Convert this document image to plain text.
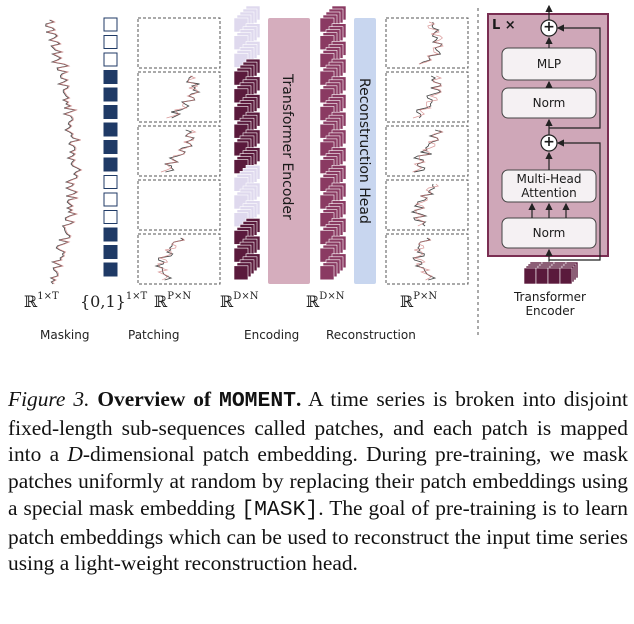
Transformer Encoder	Reconstruction Head
L × +
+
MLP
Norm
Multi-Head
Attention
Norm
Transformer
Encoder
ℝ$^{1\times T}$ $\{0,1\}^{1\times T}$ ℝ$^{P\times N}$ ℝ$^{D\times N}$	ℝ$^{D\times N}$	ℝ$^{P\times N}$
Masking	Patching	Encoding Reconstruction
Figure 3. Overview of MOMENT. A time series is broken into disjoint fixed-length sub-sequences called patches, and each patch is mapped into a D-dimensional patch embedding. During pre-training, we mask patches uniformly at random by replacing their patch embeddings using a special mask embedding [MASK]. The goal of pre-training is to learn patch embeddings which can be used to reconstruct the input time series using a light-weight reconstruction head.
